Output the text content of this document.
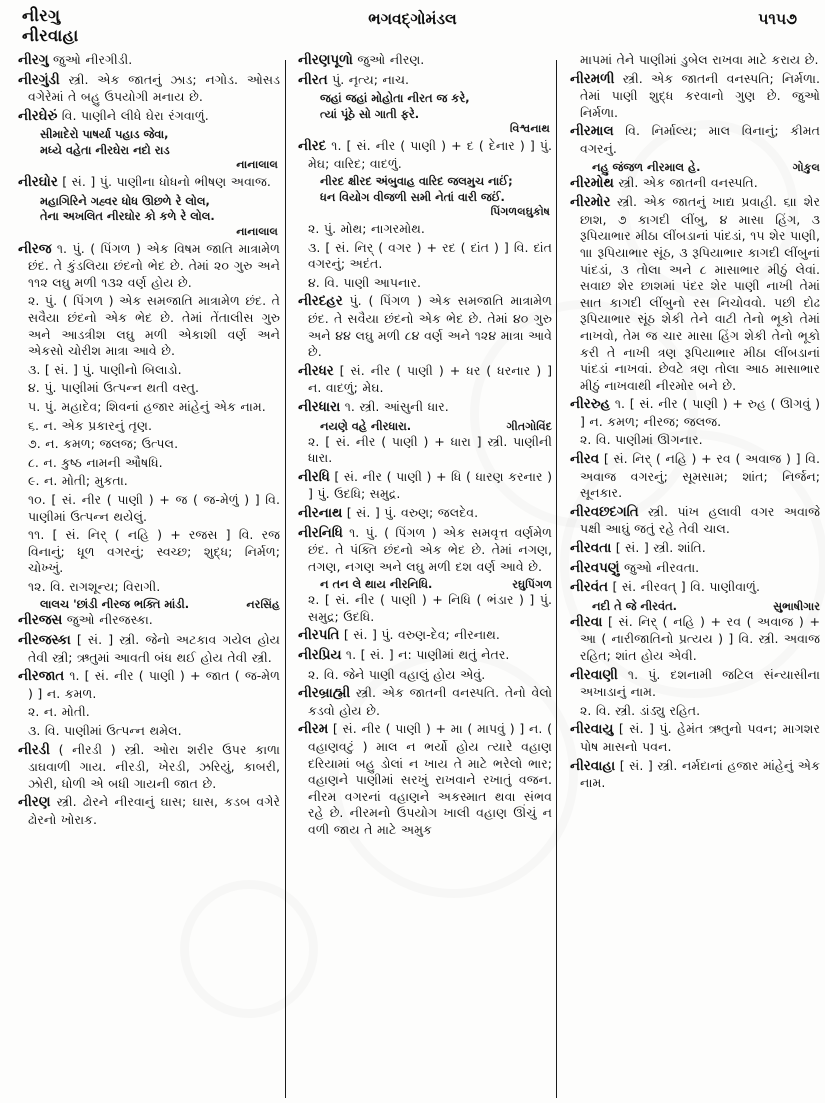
નીરગુ
નીરવાહા
ભગવદ્ગોમંડલ	૫૧૫૭

નીરગુ જુઓ નીરગીડી.

નીરગુંડી સ્ત્રી. એક જાતનું ઝાડ; નગોડ. ઓસડ વગેરેમાં તે બહુ ઉપયોગી મનાય છે.

નીરઘેરું વિ. પાણીને લીધે ઘેરા રંગવાળું.

સીમાદેરો પાષર્યા પહાડ જેવા,

મધ્યે વહેતા નીરઘેરા નદો રાડ

નાનાલાલ

નીરઘોર [ સં. ] પું. પાણીના ધોધનો ભીષણ અવાજ.

મહાગિરિને ગહ્વર ધોધ ઊછળે રે લોલ,

તેના અખલિત નીરઘોર કો કળે રે લોલ.

નાનાલાલ

નીરજ ૧. પું. ( પિંગળ ) એક વિષમ જાતિ માત્રામેળ છંદ. તે કુંડલિયા છંદનો ભેદ છે. તેમાં ૨૦ ગુરુ અને ૧૧૨ લઘુ મળી ૧૩૨ વર્ણ હોય છે.

૨. પું. ( પિંગળ ) એક સમજાતિ માત્રામેળ છંદ. તે સવૈયા છંદનો એક ભેદ છે. તેમાં તેંતાલીસ ગુરુ અને આડત્રીશ લઘુ મળી એકાશી વર્ણ અને એકસો ચોરીશ માત્રા આવે છે.

૩. [ સં. ] પું. પાણીનો બિલાડો.

૪. પું. પાણીમાં ઉત્પન્ન થતી વસ્તુ.

૫. પું. મહાદેવ; શિવનાં હજાર માંહેનું એક નામ.

૬. ન. એક પ્રકારનું તૃણ.

૭. ન. કમળ; જલજ; ઉત્પલ.

૮. ન. કુષ્ઠ નામની ઔષધિ.

૯. ન. મોતી; મુકતા.

૧૦. [ સં. નીર ( પાણી ) + જ ( જ-મેળું ) ] વિ. પાણીમાં ઉત્પન્ન થયેલું.

૧૧. [ સં. નિર્ ( નહિ ) + રજસ ] વિ. રજ વિનાનું; ધૂળ વગરનું; સ્વચ્છ; શુદ્ધ; નિર્મળ; ચોખ્ખું.

૧૨. વિ. રાગશૂન્ય; વિરાગી.

લાલચ 'છાંડી નીરજ ભક્તિ માંડી.	નરસિંહ

નીરજસ જુઓ નીરજસ્કા.

નીરજસ્કા [ સં. ] સ્ત્રી. જેનો અટકાવ ગયેલ હોય તેવી સ્ત્રી; ઋતુમાં આવતી બંધ થઈ હોય તેવી સ્ત્રી.

નીરજાત ૧. [ સં. નીર ( પાણી ) + જાત ( જ-મેળ ) ] ન. કમળ.

૨. ન. મોતી.

૩. વિ. પાણીમાં ઉત્પન્ન થમેલ.

નીરડી ( નીરડી ) સ્ત્રી. ઓરા શરીર ઉપર કાળા ડાઘવાળી ગાય. નીરડી, ખેરડી, ઝરિયું, કાબરી, ઝોરી, ધોળી એ બધી ગાયની જાત છે.

નીરણ સ્ત્રી. ઢોરને નીરવાનું ઘાસ; ઘાસ, કડબ વગેરે ઢોરનો ખોરાક.

નીરણપૂળો જુઓ નીરણ.

નીરત પું. નૃત્ય; નાચ.

જહાં જહાં મોહોતા નીરત જ કરે,

ત્યાં પૂંઠે સો ગાતી ફરે.

વિશ્વનાથ

નીરદ ૧. [ સં. નીર ( પાણી ) + દ ( દેનાર ) ] પું. મેઘ; વારિદ; વાદળું.

નીરદ ક્ષીરદ અંબુવાહ વારિદ જલમુચ નાઈં;

ધન વિયોગ વીજળી સમી નેતાં વારી જઈં.

પિંગળલઘુકોષ

૨. પું. મોથ; નાગરમોથ.

૩. [ સં. નિર્ ( વગર ) + રદ ( દાંત ) ] વિ. દાંત વગરનું; અદંત.

૪. વિ. પાણી આપનાર.

નીરદહર પું. ( પિંગળ ) એક સમજાતિ માત્રામેળ છંદ. તે સવૈયા છંદનો એક ભેદ છે. તેમાં ૪૦ ગુરુ અને ૪૪ લઘુ મળી ૮૪ વર્ણ અને ૧૨૪ માત્રા આવે છે.

નીરધર [ સં. નીર ( પાણી ) + ધર ( ધરનાર ) ] ન. વાદળું; મેઘ.

નીરધારા ૧. સ્ત્રી. આંસુની ધાર.

નયણે વહે નીરધારા.	ગીતગોવિંદ

૨. [ સં. નીર ( પાણી ) + ધારા ] સ્ત્રી. પાણીની ધારા.

નીરધિ [ સં. નીર ( પાણી ) + ધિ ( ધારણ કરનાર ) ] પું. ઉદધિ; સમુદ્ર.

નીરનાથ [ સં. ] પું. વરુણ; જલદેવ.

નીરનિધિ ૧. પું. ( પિંગળ ) એક સમવૃત્ત વર્ણમેળ છંદ. તે પંક્તિ છંદનો એક ભેદ છે. તેમાં નગણ, તગણ, નગણ અને લઘુ મળી દશ વર્ણ આવે છે.

ન તન લે થાય નીરનિધિ.	રઘુપિંગળ

૨. [ સં. નીર ( પાણી ) + નિધિ ( ભંડાર ) ] પું. સમુદ્ર; ઉદધિ.

નીરપતિ [ સં. ] પું. વરુણ-દેવ; નીરનાથ.

નીરપ્રિય ૧. [ સં. ] ન: પાણીમાં થતું નેતર.

૨. વિ. જેને પાણી વહાલું હોય એવું.

નીરબ્રાહ્મી સ્ત્રી. એક જાતની વનસ્પતિ. તેનો વેલો કડવો હોય છે.

નીરમ [ સં. નીર ( પાણી ) + મા ( માપવું ) ] ન. ( વહાણવટું ) માલ ન ભર્યો હોય ત્યારે વહાણ દરિયામાં બહુ ડોલાં ન ખાય તે માટે ભરેલો ભાર; વહાણને પાણીમાં સરખું રાખવાને રખાતું વજન. નીરમ વગરનાં વહાણને અકસ્માત થવા સંભવ રહે છે. નીરમનો ઉપયોગ ખાલી વહાણ ઊંચું ન વળી જાય તે માટે અમુક

માપમાં તેને પાણીમાં ડુબેલ રાખવા માટે કરાય છે.

નીરમળી સ્ત્રી. એક જાતની વનસ્પતિ; નિર્મળા. તેમાં પાણી શુદ્ધ કરવાનો ગુણ છે. જુઓ નિર્મળા.

નીરમાલ વિ. નિર્માલ્ય; માલ વિનાનું; કીમત વગરનું.

નહુ જંજળ નીરમાલ હે.	ગોકુલ

નીરમોથ સ્ત્રી. એક જાતની વનસ્પતિ.

નીરમોર સ્ત્રી. એક જાતનું ખાદ્ય પ્રવાહી. ૬॥ શેર છાશ, ૭ કાગદી લીંબુ, ૪ માસા હિંગ, ૩ રૂપિયાભાર મીઠા લીંબડાનાં પાંદડાં, ૧૫ શેર પાણી, ૧॥ રૂપિયાભાર સૂંઠ, ૩ રૂપિયાભાર કાગદી લીંબુનાં પાંદડાં, ૩ તોલા અને ૮ માસાભાર મીઠું લેવાં. સવાછ શેર છાશમાં પંદર શેર પાણી નાખી તેમાં સાત કાગદી લીંબુનો રસ નિચોવવો. પછી દોઢ રૂપિયાભાર સૂંઠ શેકી તેને વાટી તેનો ભૂકો તેમાં નાખવો, તેમ જ ચાર માસા હિંગ શેકી તેનો ભૂકો કરી તે નાખી ત્રણ રૂપિયાભાર મીઠા લીંબડાનાં પાંદડાં નાખવાં. છેવટે ત્રણ તોલા આઠ માસાભાર મીઠું નાખવાથી નીરમોર બને છે.

નીરરુહ ૧. [ સં. નીર ( પાણી ) + રુહ ( ઊગવું ) ] ન. કમળ; નીરજ; જલજ.

૨. વિ. પાણીમાં ઊગનાર.

નીરવ [ સં. નિર્ ( નહિ ) + રવ ( અવાજ ) ] વિ. અવાજ વગરનું; સૂમસામ; શાંત; નિર્જન; સૂનકાર.

નીરવછદગતિ સ્ત્રી. પાંખ હલાવી વગર અવાજે પક્ષી આઘું જતું રહે તેવી ચાલ.

નીરવતા [ સં. ] સ્ત્રી. શાંતિ.

નીરવપણું જુઓ નીરવતા.

નીરવંત [ સં. નીરવત્ ] વિ. પાણીવાળું.

નદી તે જે નીરવંત.	સુભાષીગાર

નીરવા [ સં. નિર્ ( નહિ ) + રવ ( અવાજ ) + આ ( નારીજાતિનો પ્રત્યય ) ] વિ. સ્ત્રી. અવાજ રહિત; શાંત હોય એવી.

નીરવાણી ૧. પું. દશનામી જટિલ સંન્યાસીના અખાડાનું નામ.

૨. વિ. સ્ત્રી. ડાંડ્યુ રહિત.

નીરવાયુ [ સં. ] પું. હેમંત ઋતુનો પવન; માગશર પોષ માસનો પવન.

નીરવાહા [ સં. ] સ્ત્રી. નર્મદાનાં હજાર માંહેનું એક નામ.
